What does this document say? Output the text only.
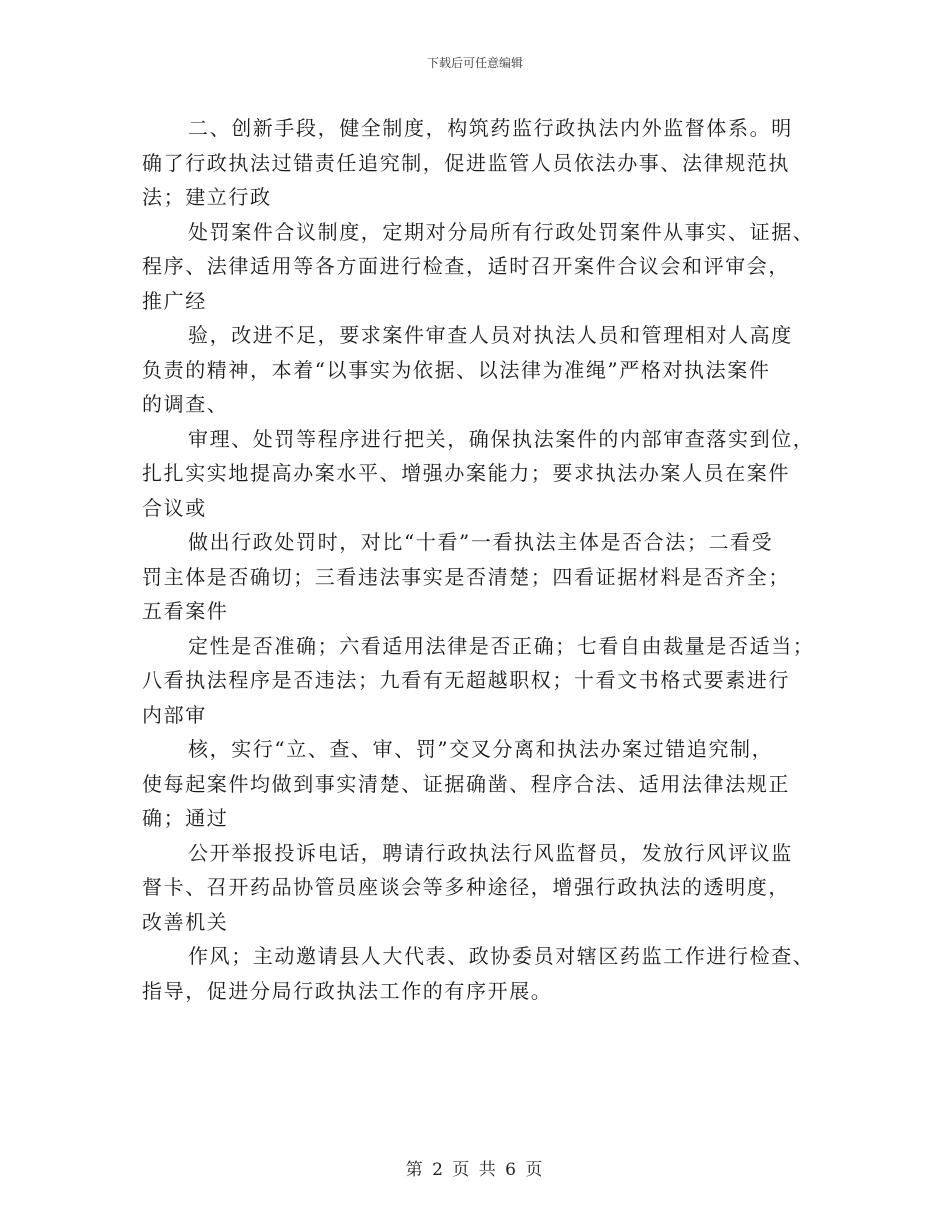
下载后可任意编辑
二、创新手段，健全制度，构筑药监行政执法内外监督体系。明
确了行政执法过错责任追究制，促进监管人员依法办事、法律规范执
法；建立行政
处罚案件合议制度，定期对分局所有行政处罚案件从事实、证据、
程序、法律适用等各方面进行检查，适时召开案件合议会和评审会，
推广经
验，改进不足，要求案件审查人员对执法人员和管理相对人高度
负责的精神，本着“以事实为依据、以法律为准绳”严格对执法案件
的调查、
审理、处罚等程序进行把关，确保执法案件的内部审查落实到位，
扎扎实实地提高办案水平、增强办案能力；要求执法办案人员在案件
合议或
做出行政处罚时，对比“十看”一看执法主体是否合法；二看受
罚主体是否确切；三看违法事实是否清楚；四看证据材料是否齐全；
五看案件
定性是否准确；六看适用法律是否正确；七看自由裁量是否适当；
八看执法程序是否违法；九看有无超越职权；十看文书格式要素进行
内部审
核，实行“立、查、审、罚”交叉分离和执法办案过错追究制，
使每起案件均做到事实清楚、证据确凿、程序合法、适用法律法规正
确；通过
公开举报投诉电话，聘请行政执法行风监督员，发放行风评议监
督卡、召开药品协管员座谈会等多种途径，增强行政执法的透明度，
改善机关
作风；主动邀请县人大代表、政协委员对辖区药监工作进行检查、
指导，促进分局行政执法工作的有序开展。
第 2 页 共 6 页
